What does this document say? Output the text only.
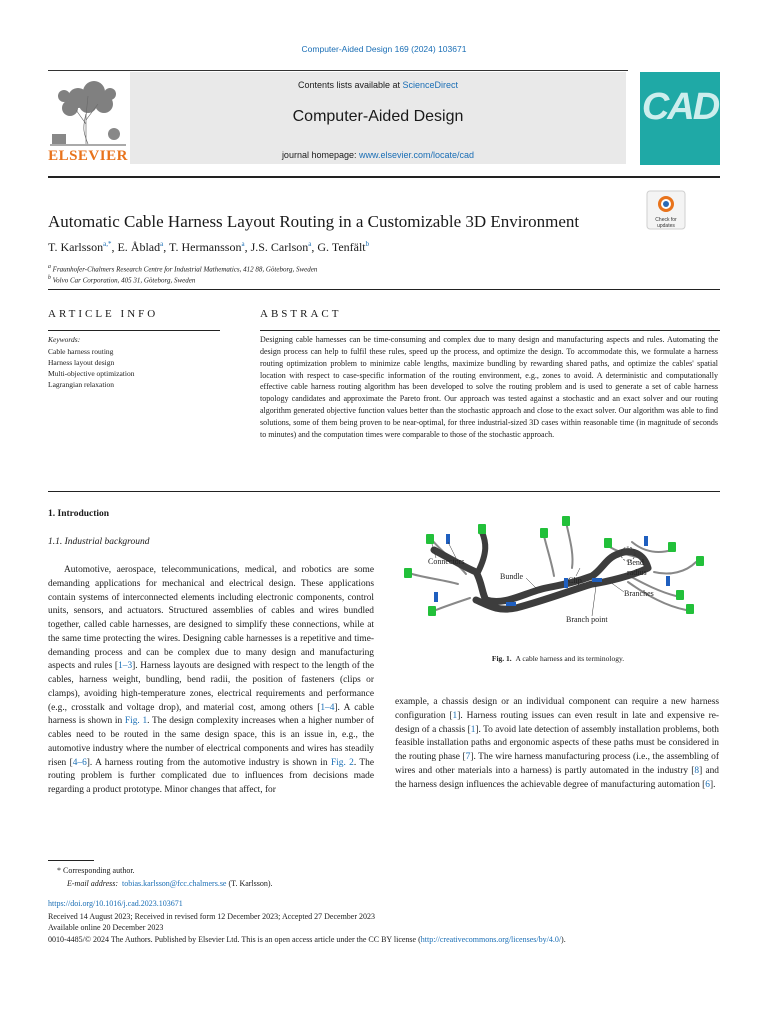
Computer-Aided Design 169 (2024) 103671
ELSEVIER
Contents lists available at ScienceDirect
Computer-Aided Design
journal homepage: www.elsevier.com/locate/cad
CAD
Automatic Cable Harness Layout Routing in a Customizable 3D Environment	Check for updates
T. Karlsson$^{a,*}$, E. Åblad$^a$, T. Hermansson$^a$, J.S. Carlson$^a$, G. Tenfält$^b$
$^a$ Fraunhofer-Chalmers Research Centre for Industrial Mathematics, 412 88, Göteborg, Sweden
$^b$ Volvo Car Corporation, 405 31, Göteborg, Sweden
ARTICLE INFO	ABSTRACT
Keywords:
Cable harness routing
Harness layout design
Multi-objective optimization
Lagrangian relaxation
Designing cable harnesses can be time-consuming and complex due to many design and manufacturing aspects and rules. Automating the design process can help to fulfil these rules, speed up the process, and optimize the design. To accommodate this, we formulate a harness routing optimization problem to minimize cable lengths, maximize bundling by rewarding shared paths, and optimize the cables' spatial location with respect to case-specific information of the routing environment, e.g., zones to avoid. A deterministic and computationally effective cable harness routing algorithm has been developed to solve the routing problem and is used to generate a set of cable harness topology candidates and approximate the Pareto front. Our approach was tested against a stochastic and an exact solver and our routing algorithm generated objective function values better than the stochastic approach and close to the exact solver. Our algorithm was able to find solutions, some of them being proven to be near-optimal, for three industrial-sized 3D cases within reasonable time (in magnitude of seconds to minutes) and the computation times were comparable to those of the stochastic approach.
1. Introduction
1.1. Industrial background
Automotive, aerospace, telecommunications, medical, and robotics are some demanding applications for mechanical and electrical design. These applications contain systems of interconnected elements including electronic components, control units, sensors, and actuators. Structured assemblies of cables and wires bundled together, called cable harnesses, are designed to simplify these connections, while at the same time protecting the wires. Designing cable harnesses is a repetitive and time-demanding process and can be complex due to many design and manufacturing aspects and rules [1–3]. Harness layouts are designed with respect to the length of the cables, harness weight, bundling, bend radii, the position of fasteners (clips or clamps), avoiding high-temperature zones, electrical requirements and performance (e.g., crosstalk and voltage drop), and material cost, among others [1–4]. A cable harness is shown in Fig. 1. The design complexity increases when a higher number of cables need to be routed in the same design space, this is an issue in, e.g., the automotive industry where the number of electrical components and wires has steadily risen [4–6]. A harness routing from the automotive industry is shown in Fig. 2. The routing problem is further complicated due to influences from decisions made regarding a product prototype. Minor changes that affect, for
example, a chassis design or an individual component can require a new harness configuration [1]. Harness routing issues can even result in late and expensive re-design of a chassis [1]. To avoid late detection of assembly installation problems, both feasible installation paths and ergonomic aspects of these paths must be considered in the routing phase [7]. The wire harness manufacturing process (i.e., the assembling of wires and other materials into a harness) is partly automated in the industry [8] and the harness design influences the achievable degree of manufacturing automation [6].
Connectors
Bundle	Clip
Bend
radius
Branches
Branch point
Fig. 1. A cable harness and its terminology.
* Corresponding author.
E-mail address: tobias.karlsson@fcc.chalmers.se (T. Karlsson).
https://doi.org/10.1016/j.cad.2023.103671
Received 14 August 2023; Received in revised form 12 December 2023; Accepted 27 December 2023
Available online 20 December 2023
0010-4485/© 2024 The Authors. Published by Elsevier Ltd. This is an open access article under the CC BY license (http://creativecommons.org/licenses/by/4.0/).
